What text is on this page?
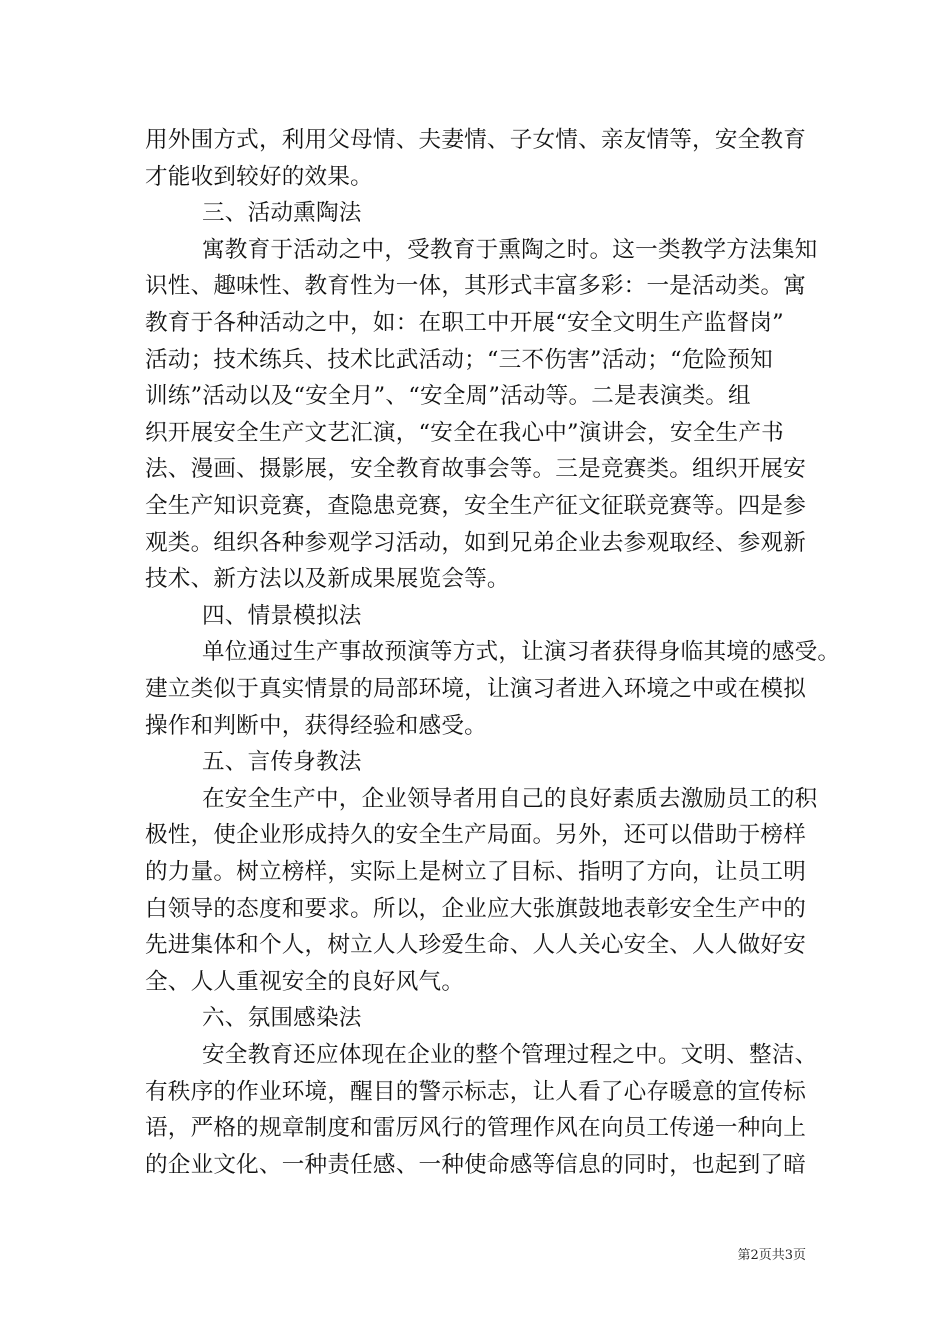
用外围方式，利用父母情、夫妻情、子女情、亲友情等，安全教育
才能收到较好的效果。
三、活动熏陶法
寓教育于活动之中，受教育于熏陶之时。这一类教学方法集知
识性、趣味性、教育性为一体，其形式丰富多彩：一是活动类。寓
教育于各种活动之中，如：在职工中开展“安全文明生产监督岗”
活动；技术练兵、技术比武活动；“三不伤害”活动；“危险预知
训练”活动以及“安全月”、“安全周”活动等。二是表演类。组
织开展安全生产文艺汇演，“安全在我心中”演讲会，安全生产书
法、漫画、摄影展，安全教育故事会等。三是竞赛类。组织开展安
全生产知识竞赛，查隐患竞赛，安全生产征文征联竞赛等。四是参
观类。组织各种参观学习活动，如到兄弟企业去参观取经、参观新
技术、新方法以及新成果展览会等。
四、情景模拟法
单位通过生产事故预演等方式，让演习者获得身临其境的感受。
建立类似于真实情景的局部环境，让演习者进入环境之中或在模拟
操作和判断中，获得经验和感受。
五、言传身教法
在安全生产中，企业领导者用自己的良好素质去激励员工的积
极性，使企业形成持久的安全生产局面。另外，还可以借助于榜样
的力量。树立榜样，实际上是树立了目标、指明了方向，让员工明
白领导的态度和要求。所以，企业应大张旗鼓地表彰安全生产中的
先进集体和个人，树立人人珍爱生命、人人关心安全、人人做好安
全、人人重视安全的良好风气。
六、氛围感染法
安全教育还应体现在企业的整个管理过程之中。文明、整洁、
有秩序的作业环境，醒目的警示标志，让人看了心存暖意的宣传标
语，严格的规章制度和雷厉风行的管理作风在向员工传递一种向上
的企业文化、一种责任感、一种使命感等信息的同时，也起到了暗
第2页共3页
